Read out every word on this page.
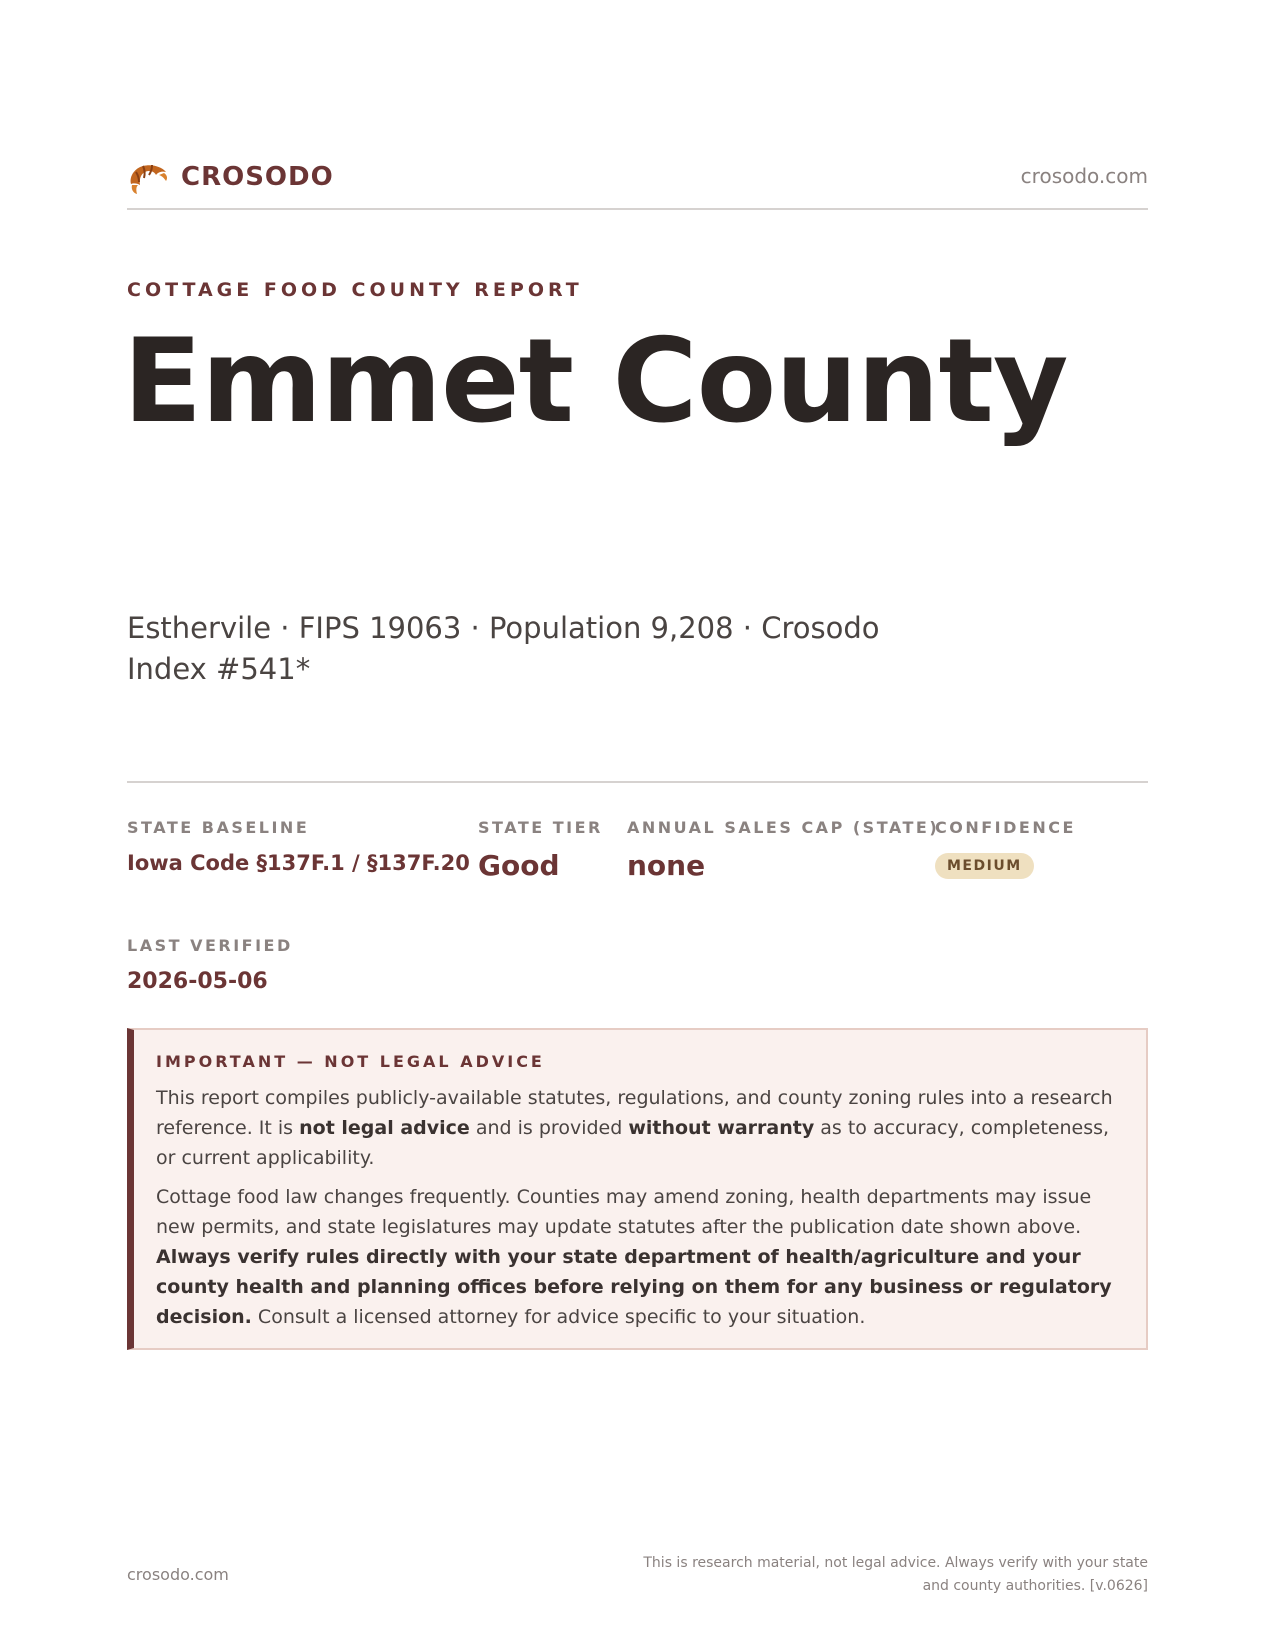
CROSODO	crosodo.com
COTTAGE FOOD COUNTY REPORT
Emmet County
Esthervile · FIPS 19063 · Population 9,208 · Crosodo Index #541*
STATE BASELINE
Iowa Code §137F.1 / §137F.20
STATE TIER
Good
ANNUAL SALES CAP (STATE)
none
CONFIDENCE
MEDIUM
LAST VERIFIED
2026-05-06
IMPORTANT — NOT LEGAL ADVICE

This report compiles publicly-available statutes, regulations, and county zoning rules into a research reference. It is not legal advice and is provided without warranty as to accuracy, completeness, or current applicability.

Cottage food law changes frequently. Counties may amend zoning, health departments may issue new permits, and state legislatures may update statutes after the publication date shown above. Always verify rules directly with your state department of health/agriculture and your county health and planning offices before relying on them for any business or regulatory decision. Consult a licensed attorney for advice specific to your situation.

crosodo.com
This is research material, not legal advice. Always verify with your state
and county authorities. [v.0626]
